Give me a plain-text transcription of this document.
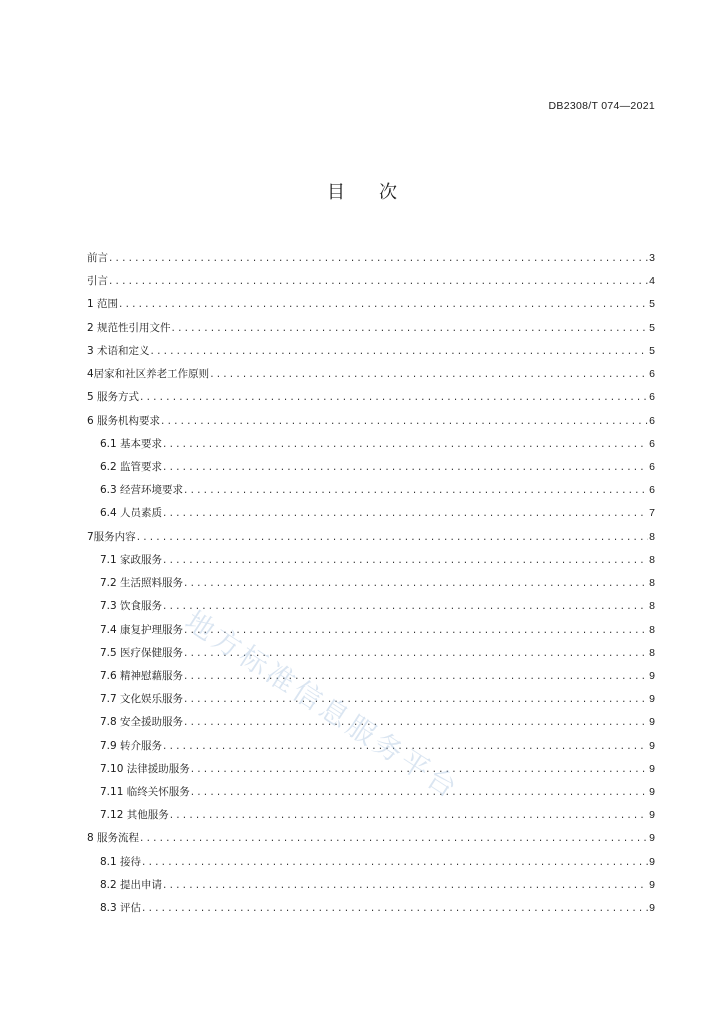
DB2308/T 074—2021
目 次
前言 .....	3
引言 .....	4
1 范围 .....	5
2 规范性引用文件 .....	5
3 术语和定义 .....	5
4居家和社区养老工作原则 .....	6
5 服务方式 .....	6
6 服务机构要求 .....	6
6.1 基本要求 .....	6
6.2 监管要求 .....	6
6.3 经营环境要求 .....	6
6.4 人员素质 .....	7
7服务内容 .....	8
7.1 家政服务 .....	8
7.2 生活照料服务 .....	8
7.3 饮食服务 .....	8
7.4 康复护理服务 .....	8
7.5 医疗保健服务 .....	8
7.6 精神慰藉服务 .....	9
7.7 文化娱乐服务 .....	9
7.8 安全援助服务 .....	9
7.9 转介服务 .....	9
7.10 法律援助服务 .....	9
7.11 临终关怀服务 .....	9
7.12 其他服务 .....	9
8 服务流程 .....	9
8.1 接待 .....	9
8.2 提出申请 .....	9
8.3 评估 .....	9
地方标准信息服务平台
